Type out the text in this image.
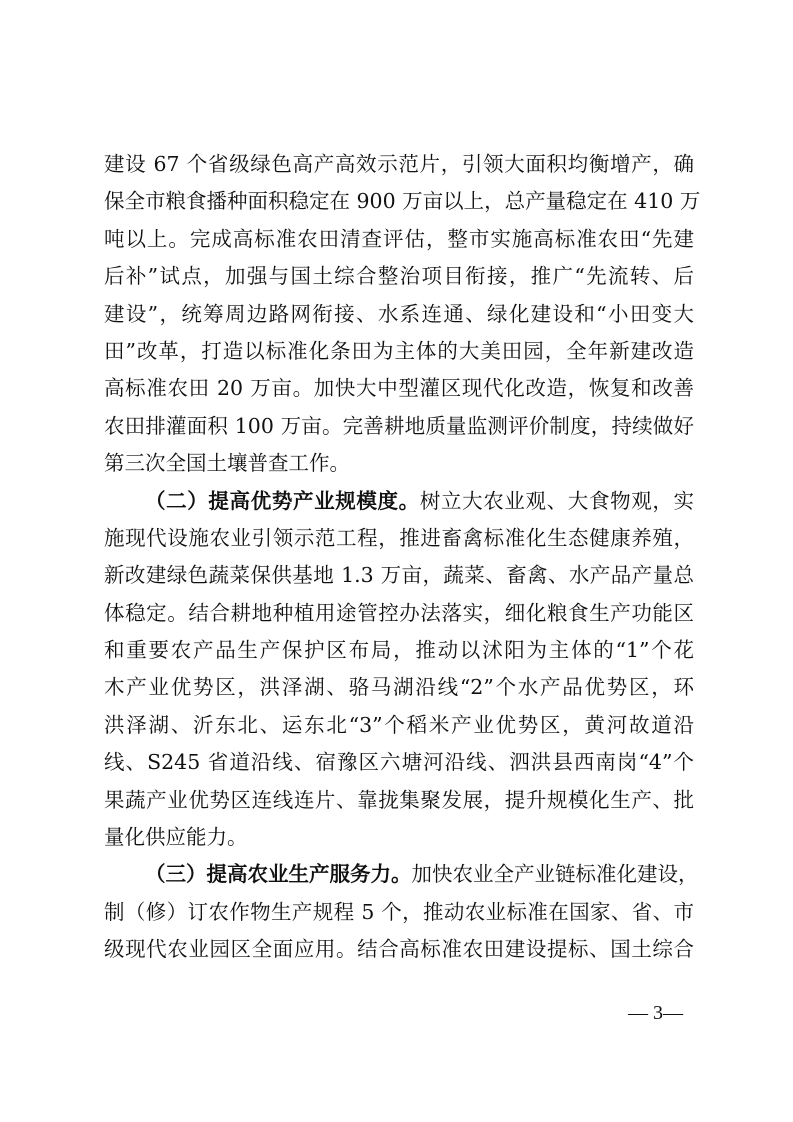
建设 67 个省级绿色高产高效示范片，引领大面积均衡增产，确
保全市粮食播种面积稳定在 900 万亩以上，总产量稳定在 410 万
吨以上。完成高标准农田清查评估，整市实施高标准农田“先建
后补”试点，加强与国土综合整治项目衔接，推广“先流转、后
建设”，统筹周边路网衔接、水系连通、绿化建设和“小田变大
田”改革，打造以标准化条田为主体的大美田园，全年新建改造
高标准农田 20 万亩。加快大中型灌区现代化改造，恢复和改善
农田排灌面积 100 万亩。完善耕地质量监测评价制度，持续做好
第三次全国土壤普查工作。
（二）提高优势产业规模度。树立大农业观、大食物观，实
施现代设施农业引领示范工程，推进畜禽标准化生态健康养殖，
新改建绿色蔬菜保供基地 1.3 万亩，蔬菜、畜禽、水产品产量总
体稳定。结合耕地种植用途管控办法落实，细化粮食生产功能区
和重要农产品生产保护区布局，推动以沭阳为主体的“1”个花
木产业优势区，洪泽湖、骆马湖沿线“2”个水产品优势区，环
洪泽湖、沂东北、运东北“3”个稻米产业优势区，黄河故道沿
线、S245 省道沿线、宿豫区六塘河沿线、泗洪县西南岗“4”个
果蔬产业优势区连线连片、靠拢集聚发展，提升规模化生产、批
量化供应能力。
（三）提高农业生产服务力。加快农业全产业链标准化建设，
制（修）订农作物生产规程 5 个，推动农业标准在国家、省、市
级现代农业园区全面应用。结合高标准农田建设提标、国土综合
— 3—
